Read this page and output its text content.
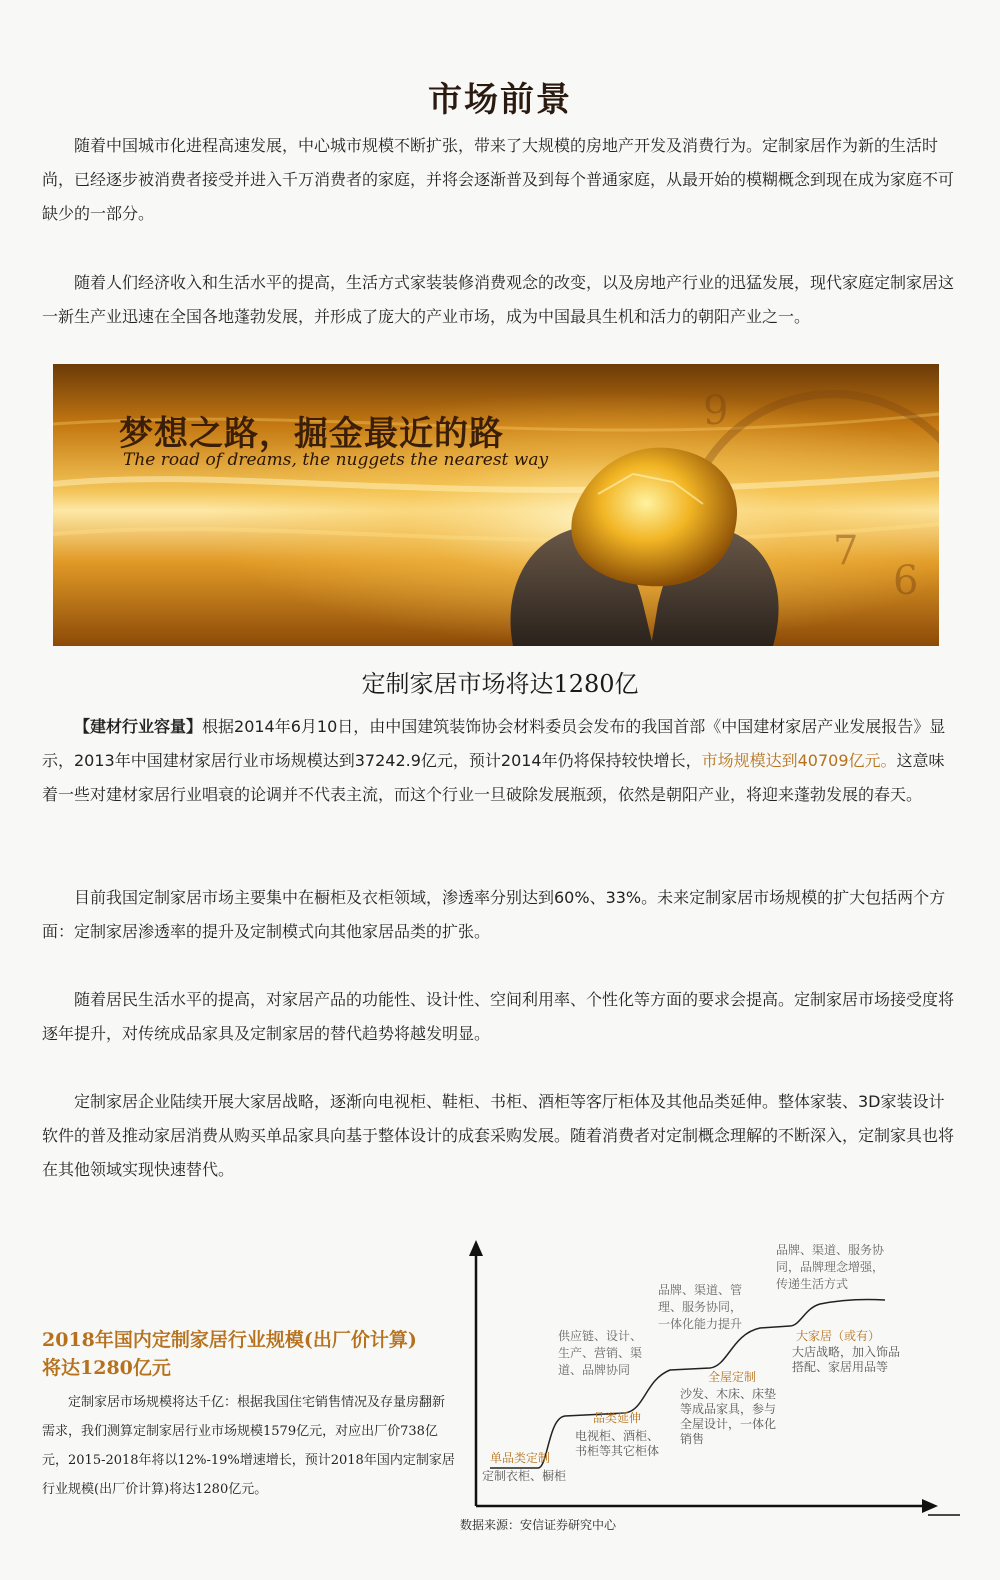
市场前景

随着中国城市化进程高速发展，中心城市规模不断扩张，带来了大规模的房地产开发及消费行为。定制家居作为新的生活时尚，已经逐步被消费者接受并进入千万消费者的家庭，并将会逐渐普及到每个普通家庭，从最开始的模糊概念到现在成为家庭不可缺少的一部分。

随着人们经济收入和生活水平的提高，生活方式家装装修消费观念的改变，以及房地产行业的迅猛发展，现代家庭定制家居这一新生产业迅速在全国各地蓬勃发展，并形成了庞大的产业市场，成为中国最具生机和活力的朝阳产业之一。

9
7
6
梦想之路，掘金最近的路
The road of dreams, the nuggets the nearest way
定制家居市场将达1280亿

【建材行业容量】根据2014年6月10日，由中国建筑装饰协会材料委员会发布的我国首部《中国建材家居产业发展报告》显示，2013年中国建材家居行业市场规模达到37242.9亿元，预计2014年仍将保持较快增长，市场规模达到40709亿元。这意味着一些对建材家居行业唱衰的论调并不代表主流，而这个行业一旦破除发展瓶颈，依然是朝阳产业，将迎来蓬勃发展的春天。

目前我国定制家居市场主要集中在橱柜及衣柜领域，渗透率分别达到60%、33%。未来定制家居市场规模的扩大包括两个方面：定制家居渗透率的提升及定制模式向其他家居品类的扩张。

随着居民生活水平的提高，对家居产品的功能性、设计性、空间利用率、个性化等方面的要求会提高。定制家居市场接受度将逐年提升，对传统成品家具及定制家居的替代趋势将越发明显。

定制家居企业陆续开展大家居战略，逐渐向电视柜、鞋柜、书柜、酒柜等客厅柜体及其他品类延伸。整体家装、3D家装设计软件的普及推动家居消费从购买单品家具向基于整体设计的成套采购发展。随着消费者对定制概念理解的不断深入，定制家具也将在其他领域实现快速替代。

2018年国内定制家居行业规模(出厂价计算)
将达1280亿元

定制家居市场规模将达千亿：根据我国住宅销售情况及存量房翻新需求，我们测算定制家居行业市场规模1579亿元，对应出厂价738亿元，2015-2018年将以12%-19%增速增长，预计2018年国内定制家居行业规模(出厂价计算)将达1280亿元。

单品类定制
定制衣柜、橱柜
品类延伸
电视柜、酒柜、
书柜等其它柜体
供应链、设计、
生产、营销、渠
道、品牌协同	全屋定制
沙发、木床、床垫
等成品家具，参与
全屋设计，一体化
销售
品牌、渠道、管
理、服务协同，
一体化能力提升
大家居（或有）
大店战略，加入饰品
搭配、家居用品等
品牌、渠道、服务协
同，品牌理念增强，
传递生活方式
数据来源：安信证券研究中心
